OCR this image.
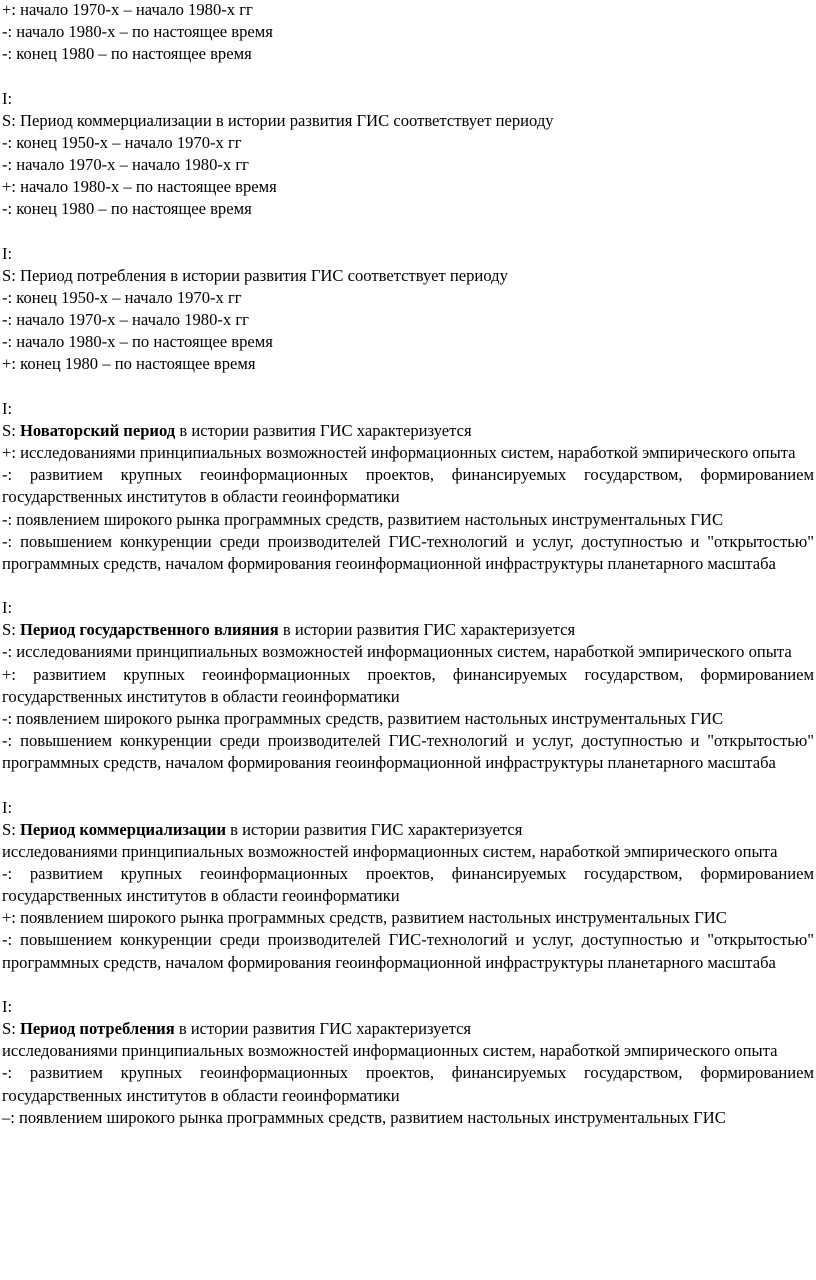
+: начало 1970-х – начало 1980-х гг

-: начало 1980-х – по настоящее время

-: конец 1980 – по настоящее время

I:

S: Период коммерциализации в истории развития ГИС соответствует периоду

-: конец 1950-х – начало 1970-х гг

-: начало 1970-х – начало 1980-х гг

+: начало 1980-х – по настоящее время

-: конец 1980 – по настоящее время

I:

S: Период потребления в истории развития ГИС соответствует периоду

-: конец 1950-х – начало 1970-х гг

-: начало 1970-х – начало 1980-х гг

-: начало 1980-х – по настоящее время

+: конец 1980 – по настоящее время

I:

S: Новаторский период в истории развития ГИС характеризуется

+: исследованиями принципиальных возможностей информационных систем, наработкой эмпирического опыта

-: развитием крупных геоинформационных проектов, финансируемых государством, формированием государственных институтов в области геоинформатики

-: появлением широкого рынка программных средств, развитием настольных инструментальных ГИС

-: повышением конкуренции среди производителей ГИС-технологий и услуг, доступностью и "открытостью" программных средств, началом формирования геоинформационной инфраструктуры планетарного масштаба

I:

S: Период государственного влияния в истории развития ГИС характеризуется

-: исследованиями принципиальных возможностей информационных систем, наработкой эмпирического опыта

+: развитием крупных геоинформационных проектов, финансируемых государством, формированием государственных институтов в области геоинформатики

-: появлением широкого рынка программных средств, развитием настольных инструментальных ГИС

-: повышением конкуренции среди производителей ГИС-технологий и услуг, доступностью и "открытостью" программных средств, началом формирования геоинформационной инфраструктуры планетарного масштаба

I:

S: Период коммерциализации в истории развития ГИС характеризуется

исследованиями принципиальных возможностей информационных систем, наработкой эмпирического опыта

-: развитием крупных геоинформационных проектов, финансируемых государством, формированием государственных институтов в области геоинформатики

+: появлением широкого рынка программных средств, развитием настольных инструментальных ГИС

-: повышением конкуренции среди производителей ГИС-технологий и услуг, доступностью и "открытостью" программных средств, началом формирования геоинформационной инфраструктуры планетарного масштаба

I:

S: Период потребления в истории развития ГИС характеризуется

исследованиями принципиальных возможностей информационных систем, наработкой эмпирического опыта

-: развитием крупных геоинформационных проектов, финансируемых государством, формированием государственных институтов в области геоинформатики

–: появлением широкого рынка программных средств, развитием настольных инструментальных ГИС
